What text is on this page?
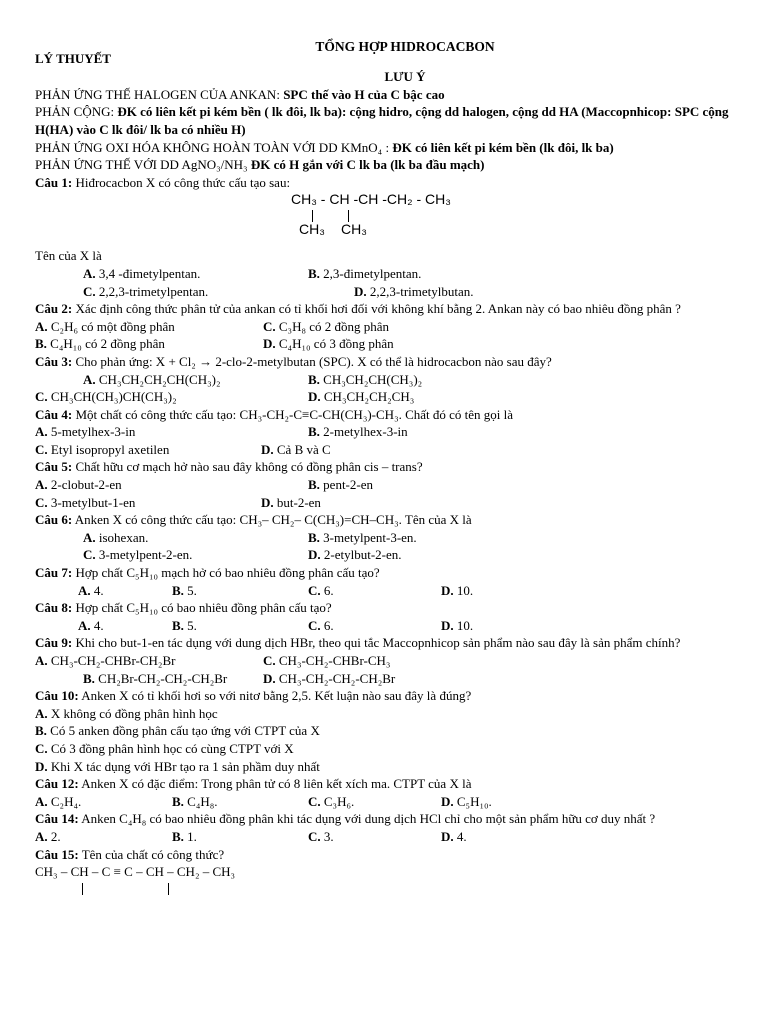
TỔNG HỢP HIDROCACBON
LÝ THUYẾT
LƯU Ý
PHẢN ỨNG THẾ HALOGEN CỦA ANKAN: SPC thế vào H của C bậc cao
PHẢN CỘNG: ĐK có liên kết pi kém bền ( lk đôi, lk ba): cộng hidro, cộng dd halogen, cộng dd HA (Maccopnhicop: SPC cộng H(HA) vào C lk đôi/ lk ba có nhiều H)
PHẢN ỨNG OXI HÓA KHÔNG HOÀN TOÀN VỚI DD KMnO₄ : ĐK có liên kết pi kém bền (lk đôi, lk ba)
PHẢN ỨNG THẾ VỚI DD AgNO₃/NH₃ ĐK có H gắn với C lk ba (lk ba đầu mạch)
Câu 1: Hiđrocacbon X có công thức cấu tạo sau:
CH₃ - CH -CH -CH₂ - CH₃
CH₃ CH₃
Tên của X là
A. 3,4 -đimetylpentan.	B. 2,3-đimetylpentan.
C. 2,2,3-trimetylpentan.	D. 2,2,3-trimetylbutan.
Câu 2: Xác định công thức phân tử của ankan có tỉ khối hơi đối với không khí bằng 2. Ankan này có bao nhiêu đồng phân ?
A. C₂H₆ có một đồng phân	C. C₃H₈ có 2 đồng phân
B. C₄H₁₀ có 2 đồng phân	D. C₄H₁₀ có 3 đồng phân
Câu 3: Cho phản ứng: X + Cl₂ → 2-clo-2-metylbutan (SPC). X có thể là hidrocacbon nào sau đây?
A. CH₃CH₂CH₂CH(CH₃)₂	B. CH₃CH₂CH(CH₃)₂
C. CH₃CH(CH₃)CH(CH₃)₂	D. CH₃CH₂CH₂CH₃
Câu 4: Một chất có công thức cấu tạo: CH₃-CH₂-C≡C-CH(CH₃)-CH₃. Chất đó có tên gọi là
A. 5-metylhex-3-in	B. 2-metylhex-3-in
C. Etyl isopropyl axetilen	D. Cả B và C
Câu 5: Chất hữu cơ mạch hở nào sau đây không có đồng phân cis – trans?
A. 2-clobut-2-en	B. pent-2-en
C. 3-metylbut-1-en	D. but-2-en
Câu 6: Anken X có công thức cấu tạo: CH₃– CH₂– C(CH₃)=CH–CH₃. Tên của X là
A. isohexan.	B. 3-metylpent-3-en.
C. 3-metylpent-2-en.	D. 2-etylbut-2-en.
Câu 7: Hợp chất C₅H₁₀ mạch hở có bao nhiêu đồng phân cấu tạo?
A. 4.	B. 5.	C. 6.	D. 10.
Câu 8: Hợp chất C₅H₁₀ có bao nhiêu đồng phân cấu tạo?
A. 4.	B. 5.	C. 6.	D. 10.
Câu 9: Khi cho but-1-en tác dụng với dung dịch HBr, theo qui tắc Maccopnhicop sản phẩm nào sau đây là sản phẩm chính?
A. CH₃-CH₂-CHBr-CH₂Br	C. CH₃-CH₂-CHBr-CH₃
B. CH₂Br-CH₂-CH₂-CH₂Br	D. CH₃-CH₂-CH₂-CH₂Br
Câu 10: Anken X có tỉ khối hơi so với nitơ bằng 2,5. Kết luận nào sau đây là đúng?
A. X không có đồng phân hình học
B. Có 5 anken đồng phân cấu tạo ứng với CTPT của X
C. Có 3 đồng phân hình học có cùng CTPT với X
D. Khi X tác dụng với HBr tạo ra 1 sản phầm duy nhất
Câu 12: Anken X có đặc điểm: Trong phân tử có 8 liên kết xích ma. CTPT của X là
A. C₂H₄.	B. C₄H₈.	C. C₃H₆.	D. C₅H₁₀.
Câu 14: Anken C₄H₈ có bao nhiêu đồng phân khi tác dụng với dung dịch HCl chỉ cho một sản phẩm hữu cơ duy nhất ?
A. 2.	B. 1.	C. 3.	D. 4.
Câu 15: Tên của chất có công thức?
CH₃ – CH – C ≡ C – CH – CH₂ – CH₃
